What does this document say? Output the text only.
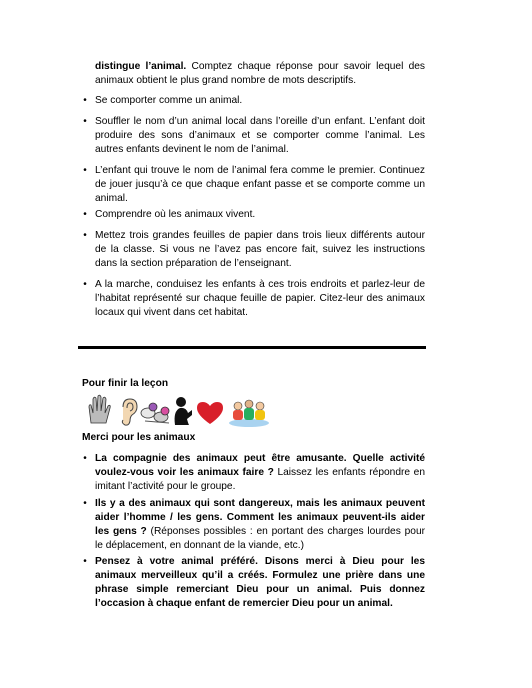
distingue l’animal. Comptez chaque réponse pour savoir lequel des animaux obtient le plus grand nombre de mots descriptifs.

• Se comporter comme un animal.

• Souffler le nom d’un animal local dans l’oreille d’un enfant. L’enfant doit produire des sons d’animaux et se comporter comme l’animal. Les autres enfants devinent le nom de l’animal.

• L’enfant qui trouve le nom de l’animal fera comme le premier. Continuez de jouer jusqu’à ce que chaque enfant passe et se comporte comme un animal.

• Comprendre où les animaux vivent.

• Mettez trois grandes feuilles de papier dans trois lieux différents autour de la classe. Si vous ne l’avez pas encore fait, suivez les instructions dans la section préparation de l’enseignant.

• A la marche, conduisez les enfants à ces trois endroits et parlez-leur de l’habitat représenté sur chaque feuille de papier. Citez-leur des animaux locaux qui vivent dans cet habitat.

Pour finir la leçon
Merci pour les animaux
• La compagnie des animaux peut être amusante. Quelle activité voulez-vous voir les animaux faire ? Laissez les enfants répondre en imitant l’activité pour le groupe.

• Ils y a des animaux qui sont dangereux, mais les animaux peuvent aider l’homme / les gens. Comment les animaux peuvent-ils aider les gens ? (Réponses possibles : en portant des charges lourdes pour le déplacement, en donnant de la viande, etc.)

• Pensez à votre animal préféré. Disons merci à Dieu pour les animaux merveilleux qu’il a créés. Formulez une prière dans une phrase simple remerciant Dieu pour un animal. Puis donnez l’occasion à chaque enfant de remercier Dieu pour un animal.
